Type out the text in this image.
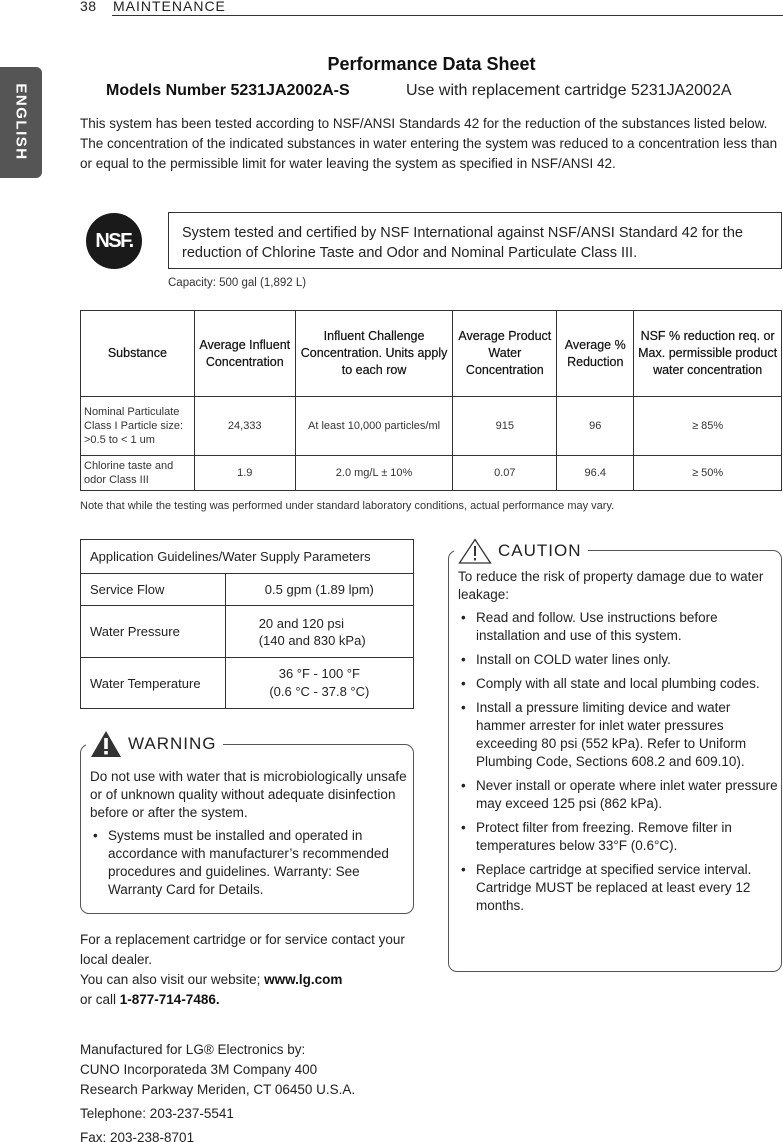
38 MAINTENANCE
ENGLISH
Performance Data Sheet
Models Number 5231JA2002A-S	Use with replacement cartridge 5231JA2002A
This system has been tested according to NSF/ANSI Standards 42 for the reduction of the substances listed below. The concentration of the indicated substances in water entering the system was reduced to a concentration less than or equal to the permissible limit for water leaving the system as specified in NSF/ANSI 42.
NSF.	System tested and certified by NSF International against NSF/ANSI Standard 42 for the reduction of Chlorine Taste and Odor and Nominal Particulate Class III.
Capacity: 500 gal (1,892 L)
Substance	Average Influent Concentration	Influent Challenge Concentration. Units apply to each row	Average Product Water Concentration	Average % Reduction	NSF % reduction req. or Max. permissible product water concentration
Nominal Particulate Class I Particle size: >0.5 to < 1 um	24,333	At least 10,000 particles/ml	915	96	≥ 85%
Chlorine taste and odor Class III	1.9	2.0 mg/L ± 10%	0.07	96.4	≥ 50%
Note that while the testing was performed under standard laboratory conditions, actual performance may vary.
Application Guidelines/Water Supply Parameters	
Service Flow	0.5 gpm (1.89 lpm)
Water Pressure	20 and 120 psi
(140 and 830 kPa)

Water Temperature	36 °F - 100 °F
(0.6 °C - 37.8 °C)
WARNING

Do not use with water that is microbiologically unsafe or of unknown quality without adequate disinfection before or after the system.

• Systems must be installed and operated in accordance with manufacturer’s recommended procedures and guidelines. Warranty: See Warranty Card for Details.
CAUTION

To reduce the risk of property damage due to water leakage:

• Read and follow. Use instructions before installation and use of this system.
• Install on COLD water lines only.
• Comply with all state and local plumbing codes.
• Install a pressure limiting device and water hammer arrester for inlet water pressures exceeding 80 psi (552 kPa). Refer to Uniform Plumbing Code, Sections 608.2 and 609.10).
• Never install or operate where inlet water pressure may exceed 125 psi (862 kPa).
• Protect filter from freezing. Remove filter in temperatures below 33°F (0.6°C).
• Replace cartridge at specified service interval. Cartridge MUST be replaced at least every 12 months.
For a replacement cartridge or for service contact your local dealer.
You can also visit our website; www.lg.com
or call 1-877-714-7486.
Manufactured for LG® Electronics by:
CUNO Incorporateda 3M Company 400
Research Parkway Meriden, CT 06450 U.S.A.
Telephone: 203-237-5541
Fax: 203-238-8701
